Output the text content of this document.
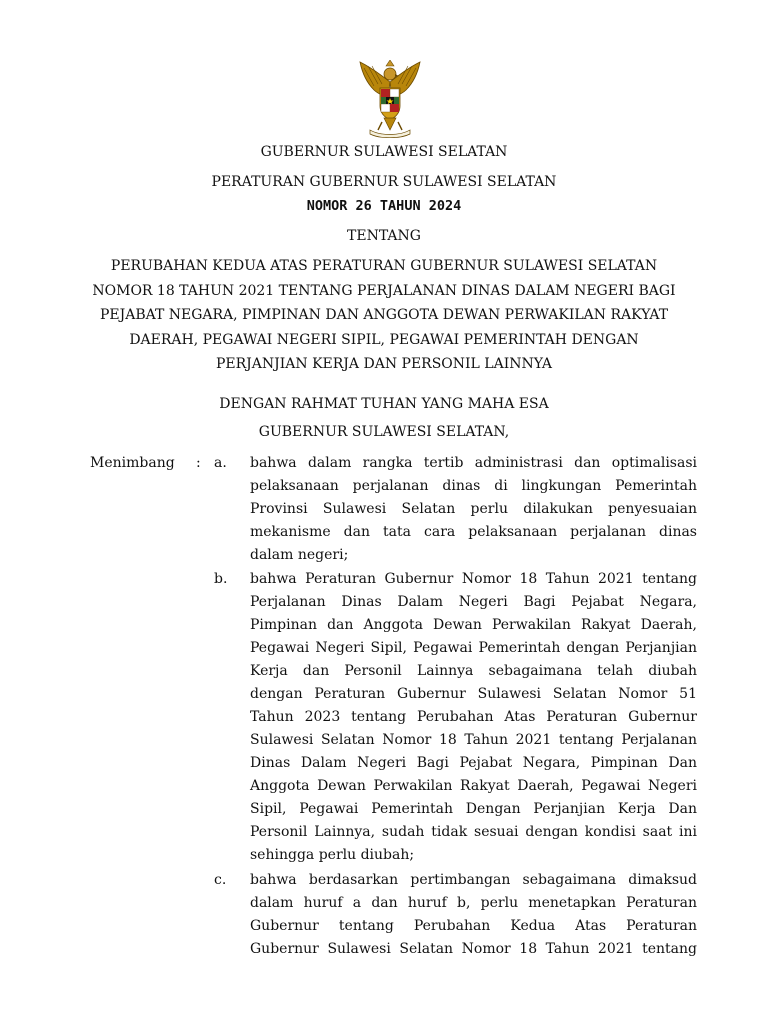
GUBERNUR SULAWESI SELATAN
PERATURAN GUBERNUR SULAWESI SELATAN
NOMOR 26 TAHUN 2024
TENTANG
PERUBAHAN KEDUA ATAS PERATURAN GUBERNUR SULAWESI SELATAN
NOMOR 18 TAHUN 2021 TENTANG PERJALANAN DINAS DALAM NEGERI BAGI
PEJABAT NEGARA, PIMPINAN DAN ANGGOTA DEWAN PERWAKILAN RAKYAT
DAERAH, PEGAWAI NEGERI SIPIL, PEGAWAI PEMERINTAH DENGAN
PERJANJIAN KERJA DAN PERSONIL LAINNYA
DENGAN RAHMAT TUHAN YANG MAHA ESA
GUBERNUR SULAWESI SELATAN,
Menimbang : a. bahwa dalam rangka tertib administrasi dan optimalisasi
pelaksanaan perjalanan dinas di lingkungan Pemerintah
Provinsi Sulawesi Selatan perlu dilakukan penyesuaian
mekanisme dan tata cara pelaksanaan perjalanan dinas
dalam negeri;
b. bahwa Peraturan Gubernur Nomor 18 Tahun 2021 tentang
Perjalanan Dinas Dalam Negeri Bagi Pejabat Negara,
Pimpinan dan Anggota Dewan Perwakilan Rakyat Daerah,
Pegawai Negeri Sipil, Pegawai Pemerintah dengan Perjanjian
Kerja dan Personil Lainnya sebagaimana telah diubah
dengan Peraturan Gubernur Sulawesi Selatan Nomor 51
Tahun 2023 tentang Perubahan Atas Peraturan Gubernur
Sulawesi Selatan Nomor 18 Tahun 2021 tentang Perjalanan
Dinas Dalam Negeri Bagi Pejabat Negara, Pimpinan Dan
Anggota Dewan Perwakilan Rakyat Daerah, Pegawai Negeri
Sipil, Pegawai Pemerintah Dengan Perjanjian Kerja Dan
Personil Lainnya, sudah tidak sesuai dengan kondisi saat ini
sehingga perlu diubah;
c. bahwa berdasarkan pertimbangan sebagaimana dimaksud
dalam huruf a dan huruf b, perlu menetapkan Peraturan
Gubernur tentang Perubahan Kedua Atas Peraturan
Gubernur Sulawesi Selatan Nomor 18 Tahun 2021 tentang
